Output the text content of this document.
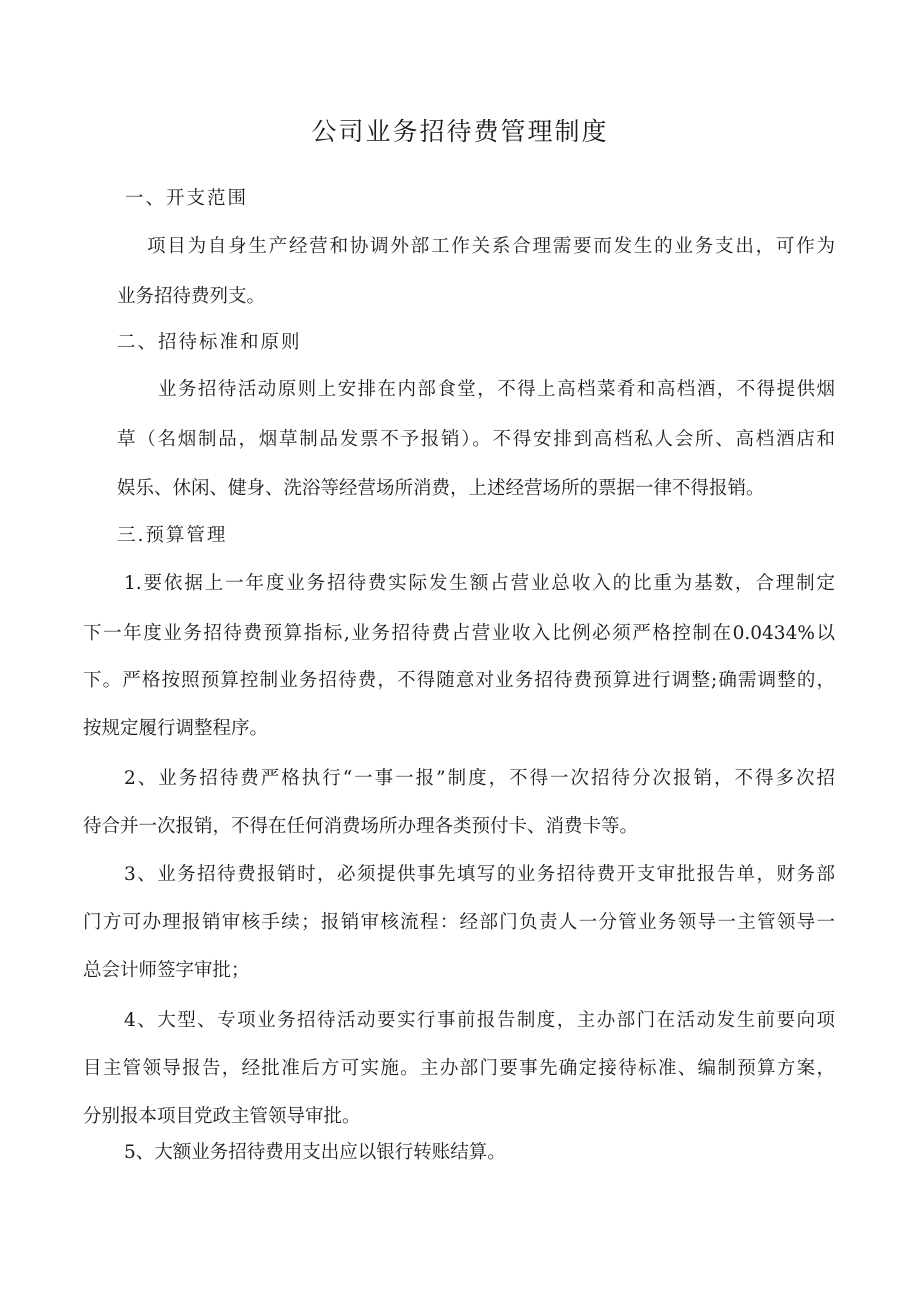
公司业务招待费管理制度
一、开支范围
项目为自身生产经营和协调外部工作关系合理需要而发生的业务支出，可作为
业务招待费列支。
二、招待标准和原则
业务招待活动原则上安排在内部食堂，不得上高档菜肴和高档酒，不得提供烟
草（名烟制品，烟草制品发票不予报销）。不得安排到高档私人会所、高档酒店和
娱乐、休闲、健身、洗浴等经营场所消费，上述经营场所的票据一律不得报销。
三.预算管理
1.要依据上一年度业务招待费实际发生额占营业总收入的比重为基数，合理制定
下一年度业务招待费预算指标,业务招待费占营业收入比例必须严格控制在0.0434%以
下。严格按照预算控制业务招待费，不得随意对业务招待费预算进行调整;确需调整的，
按规定履行调整程序。
2、业务招待费严格执行“一事一报”制度，不得一次招待分次报销，不得多次招
待合并一次报销，不得在任何消费场所办理各类预付卡、消费卡等。
3、业务招待费报销时，必须提供事先填写的业务招待费开支审批报告单，财务部
门方可办理报销审核手续；报销审核流程：经部门负责人一分管业务领导一主管领导一
总会计师签字审批；
4、大型、专项业务招待活动要实行事前报告制度，主办部门在活动发生前要向项
目主管领导报告，经批准后方可实施。主办部门要事先确定接待标准、编制预算方案，
分别报本项目党政主管领导审批。
5、大额业务招待费用支出应以银行转账结算。
